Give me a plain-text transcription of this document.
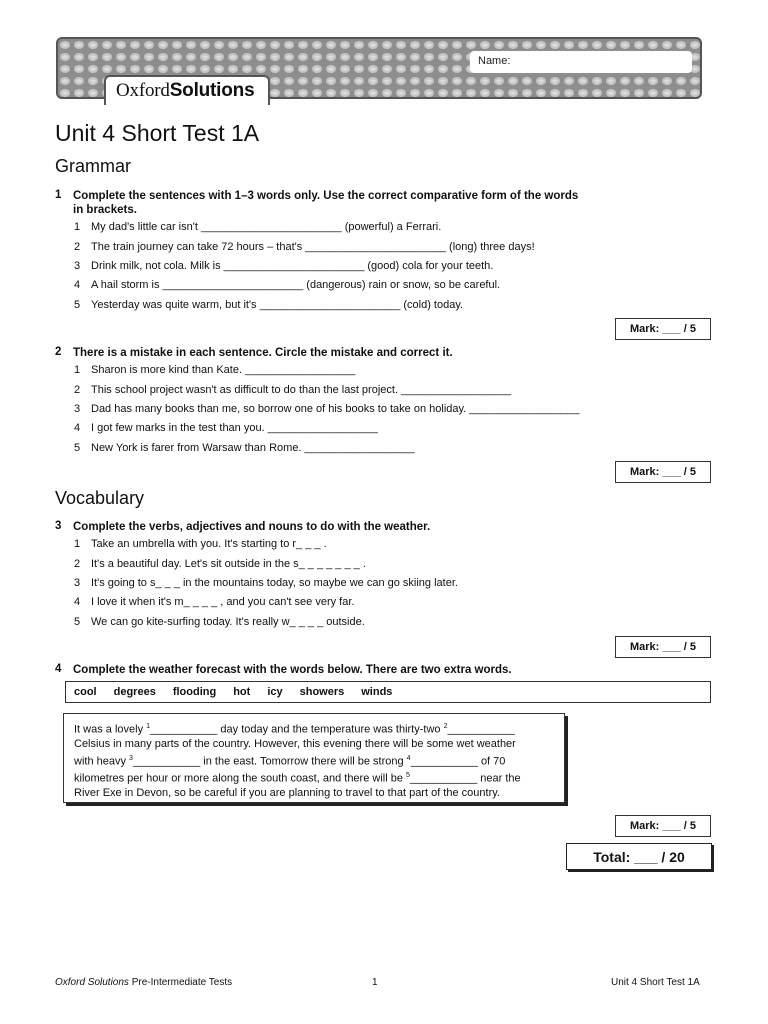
Name:
OxfordSolutions
Unit 4 Short Test 1A
Grammar
1 Complete the sentences with 1–3 words only. Use the correct comparative form of the words
in brackets.
1 My dad's little car isn't _______________________ (powerful) a Ferrari.
2 The train journey can take 72 hours – that's _______________________ (long) three days!
3 Drink milk, not cola. Milk is _______________________ (good) cola for your teeth.
4 A hail storm is _______________________ (dangerous) rain or snow, so be careful.
5 Yesterday was quite warm, but it's _______________________ (cold) today.
Mark: ___ / 5
2 There is a mistake in each sentence. Circle the mistake and correct it.
1 Sharon is more kind than Kate. __________________
2 This school project wasn't as difficult to do than the last project. __________________
3 Dad has many books than me, so borrow one of his books to take on holiday. __________________
4 I got few marks in the test than you. __________________
5 New York is farer from Warsaw than Rome. __________________
Mark: ___ / 5
Vocabulary
3 Complete the verbs, adjectives and nouns to do with the weather.
1 Take an umbrella with you. It's starting to r_ _ _ .
2 It's a beautiful day. Let's sit outside in the s_ _ _ _ _ _ _ .
3 It's going to s_ _ _ in the mountains today, so maybe we can go skiing later.
4 I love it when it's m_ _ _ _ , and you can't see very far.
5 We can go kite-surfing today. It's really w_ _ _ _ outside.
Mark: ___ / 5
4 Complete the weather forecast with the words below. There are two extra words.
cool degrees flooding hot icy showers winds
It was a lovely $^1$___________ day today and the temperature was thirty-two $^2$___________
Celsius in many parts of the country. However, this evening there will be some wet weather
with heavy $^3$___________ in the east. Tomorrow there will be strong $^4$___________ of 70
kilometres per hour or more along the south coast, and there will be $^5$___________ near the
River Exe in Devon, so be careful if you are planning to travel to that part of the country.
Mark: ___ / 5
Total: ___ / 20
Oxford Solutions Pre-Intermediate Tests	1	Unit 4 Short Test 1A
